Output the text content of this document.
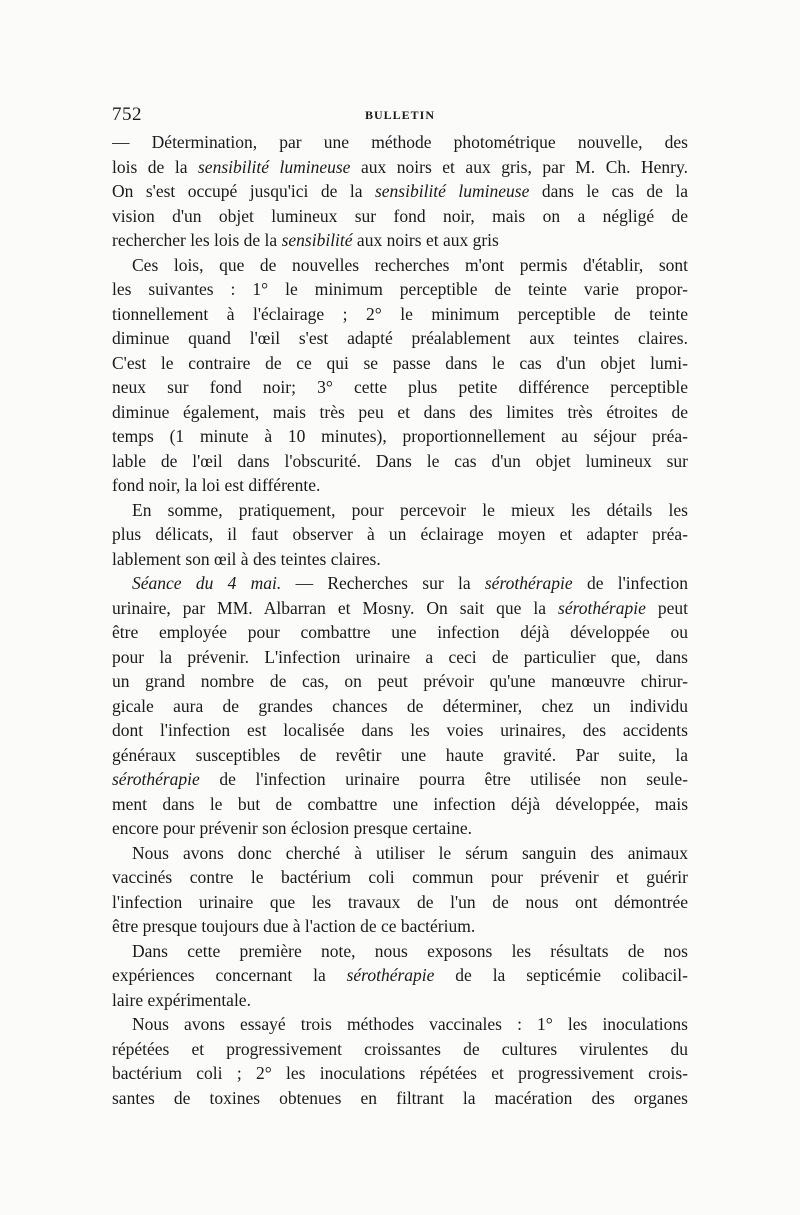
752	BULLETIN
— Détermination, par une méthode photométrique nouvelle, des
lois de la sensibilité lumineuse aux noirs et aux gris, par M. Ch. Henry.
On s'est occupé jusqu'ici de la sensibilité lumineuse dans le cas de la
vision d'un objet lumineux sur fond noir, mais on a négligé de
rechercher les lois de la sensibilité aux noirs et aux gris
Ces lois, que de nouvelles recherches m'ont permis d'établir, sont
les suivantes : 1° le minimum perceptible de teinte varie propor-
tionnellement à l'éclairage ; 2° le minimum perceptible de teinte
diminue quand l'œil s'est adapté préalablement aux teintes claires.
C'est le contraire de ce qui se passe dans le cas d'un objet lumi-
neux sur fond noir; 3° cette plus petite différence perceptible
diminue également, mais très peu et dans des limites très étroites de
temps (1 minute à 10 minutes), proportionnellement au séjour préa-
lable de l'œil dans l'obscurité. Dans le cas d'un objet lumineux sur
fond noir, la loi est différente.
En somme, pratiquement, pour percevoir le mieux les détails les
plus délicats, il faut observer à un éclairage moyen et adapter préa-
lablement son œil à des teintes claires.
Séance du 4 mai. — Recherches sur la sérothérapie de l'infection
urinaire, par MM. Albarran et Mosny. On sait que la sérothérapie peut
être employée pour combattre une infection déjà développée ou
pour la prévenir. L'infection urinaire a ceci de particulier que, dans
un grand nombre de cas, on peut prévoir qu'une manœuvre chirur-
gicale aura de grandes chances de déterminer, chez un individu
dont l'infection est localisée dans les voies urinaires, des accidents
généraux susceptibles de revêtir une haute gravité. Par suite, la
sérothérapie de l'infection urinaire pourra être utilisée non seule-
ment dans le but de combattre une infection déjà développée, mais
encore pour prévenir son éclosion presque certaine.
Nous avons donc cherché à utiliser le sérum sanguin des animaux
vaccinés contre le bactérium coli commun pour prévenir et guérir
l'infection urinaire que les travaux de l'un de nous ont démontrée
être presque toujours due à l'action de ce bactérium.
Dans cette première note, nous exposons les résultats de nos
expériences concernant la sérothérapie de la septicémie colibacil-
laire expérimentale.
Nous avons essayé trois méthodes vaccinales : 1° les inoculations
répétées et progressivement croissantes de cultures virulentes du
bactérium coli ; 2° les inoculations répétées et progressivement crois-
santes de toxines obtenues en filtrant la macération des organes
